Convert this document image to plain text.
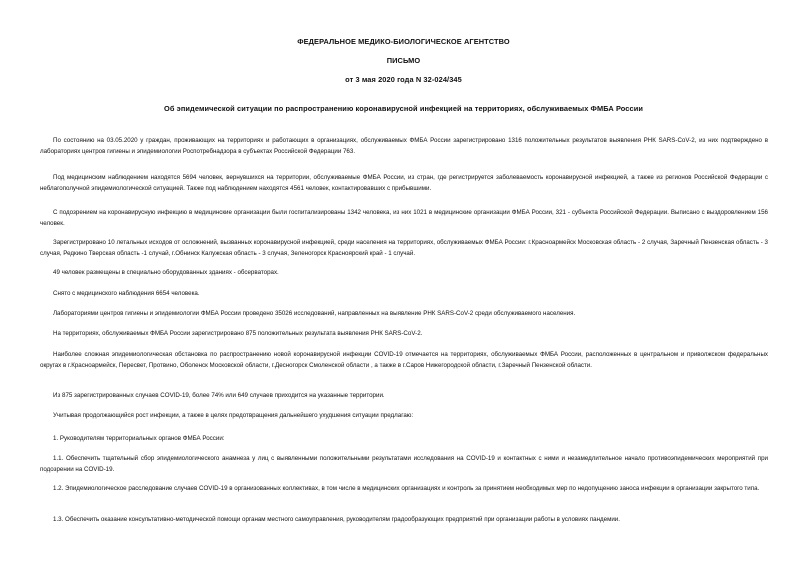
ФЕДЕРАЛЬНОЕ МЕДИКО-БИОЛОГИЧЕСКОЕ АГЕНТСТВО
ПИСЬМО
от 3 мая 2020 года N 32-024/345
Об эпидемической ситуации по распространению коронавирусной инфекцией на территориях, обслуживаемых ФМБА России

По состоянию на 03.05.2020 у граждан, проживающих на территориях и работающих в организациях, обслуживаемых ФМБА России зарегистрировано 1316 положительных результатов выявления РНК SARS-CoV-2, из них подтверждено в лабораториях центров гигиены и эпидемиологии Роспотребнадзора в субъектах Российской Федерации 763.

Под медицинским наблюдением находятся 5694 человек, вернувшихся на территории, обслуживаемые ФМБА России, из стран, где регистрируется заболеваемость коронавирусной инфекцией, а также из регионов Российской Федерации с неблагополучной эпидемиологической ситуацией. Также под наблюдением находятся 4561 человек, контактировавших с прибывшими.

С подозрением на коронавирусную инфекцию в медицинские организации были госпитализированы 1342 человека, из них 1021 в медицинские организации ФМБА России, 321 - субъекта Российской Федерации. Выписано с выздоровлением 156 человек.

Зарегистрировано 10 летальных исходов от осложнений, вызванных коронавирусной инфекцией, среди населения на территориях, обслуживаемых ФМБА России: г.Красноармейск Московская область - 2 случая, Заречный Пензенская область - 3 случая, Редкино Тверская область -1 случай, г.Обнинск Калужская область - 3 случая, Зеленогорск Красноярский край - 1 случай.

49 человек размещены в специально оборудованных зданиях - обсерваторах.

Снято с медицинского наблюдения 6654 человека.

Лабораториями центров гигиены и эпидемиологии ФМБА России проведено 35026 исследований, направленных на выявление РНК SARS-CoV-2 среди обслуживаемого населения.

На территориях, обслуживаемых ФМБА России зарегистрировано 875 положительных результата выявления РНК SARS-CoV-2.

Наиболее сложная эпидемиологическая обстановка по распространению новой коронавирусной инфекции COVID-19 отмечается на территориях, обслуживаемых ФМБА России, расположенных в центральном и приволжском федеральных округах в г.Красноармейск, Пересвет, Протвино, Оболенск Московской области, г.Десногорск Смоленской области , а также в г.Саров Нижегородской области, г.Заречный Пензенской области.

Из 875 зарегистрированных случаев COVID-19, более 74% или 649 случаев приходится на указанные территории.

Учитывая продолжающийся рост инфекции, а также в целях предотвращения дальнейшего ухудшения ситуации предлагаю:

1. Руководителям территориальных органов ФМБА России:

1.1. Обеспечить тщательный сбор эпидемиологического анамнеза у лиц с выявленными положительными результатами исследования на COVID-19 и контактных с ними и незамедлительное начало противоэпидемических мероприятий при подозрении на COVID-19.

1.2. Эпидемиологическое расследование случаев COVID-19 в организованных коллективах, в том числе в медицинских организациях и контроль за принятием необходимых мер по недопущению заноса инфекции в организации закрытого типа.

1.3. Обеспечить оказание консультативно-методической помощи органам местного самоуправления, руководителям градообразующих предприятий при организации работы в условиях пандемии.
